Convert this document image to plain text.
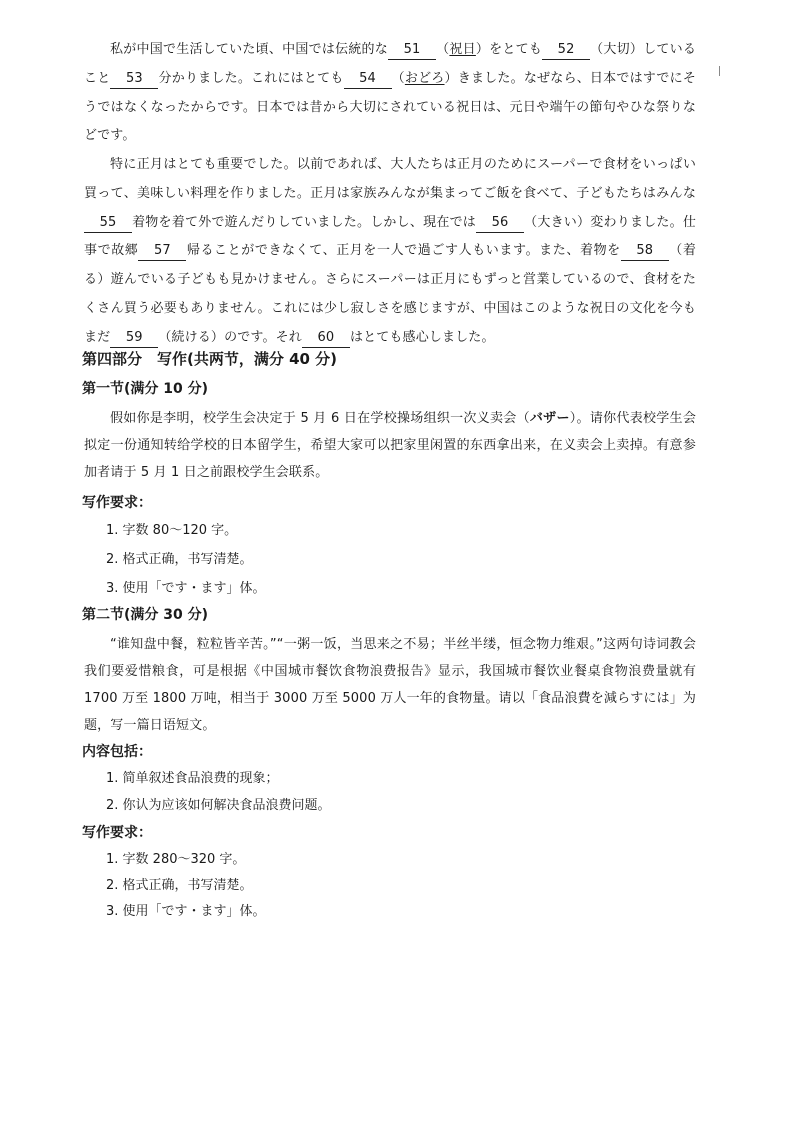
私が中国で生活していた頃、中国では伝統的な 51 （祝日）をとても 52 （大切）していること 53 分かりました。これにはとても 54 （おどろ）きました。なぜなら、日本ではすでにそうではなくなったからです。日本では昔から大切にされている祝日は、元日や端午の節句やひな祭りなどです。
特に正月はとても重要でした。以前であれば、大人たちは正月のためにスーパーで食材をいっぱい買って、美味しい料理を作りました。正月は家族みんなが集まってご飯を食べて、子どもたちはみんな55 着物を着て外で遊んだりしていました。しかし、現在では 56 （大きい）変わりました。仕事で故郷 57 帰ることができなくて、正月を一人で過ごす人もいます。また、着物を 58 （着る）遊んでいる子どもも見かけません。さらにスーパーは正月にもずっと営業しているので、食材をたくさん買う必要もありません。これには少し寂しさを感じますが、中国はこのような祝日の文化を今もまだ 59 （続ける）のです。それ 60 はとても感心しました。
第四部分　写作(共两节，满分 40 分)
第一节(满分 10 分)
假如你是李明，校学生会决定于 5 月 6 日在学校操场组织一次义卖会（バザー）。请你代表校学生会拟定一份通知转给学校的日本留学生，希望大家可以把家里闲置的东西拿出来，在义卖会上卖掉。有意参加者请于 5 月 1 日之前跟校学生会联系。
写作要求：
1. 字数 80～120 字。
2. 格式正确，书写清楚。
3. 使用「です・ます」体。
第二节(满分 30 分)
“谁知盘中餐，粒粒皆辛苦。”“一粥一饭，当思来之不易；半丝半缕，恒念物力维艰。”这两句诗词教会我们要爱惜粮食，可是根据《中国城市餐饮食物浪费报告》显示，我国城市餐饮业餐桌食物浪费量就有 1700 万至 1800 万吨，相当于 3000 万至 5000 万人一年的食物量。请以「食品浪費を減らすには」为题，写一篇日语短文。
内容包括：
1. 简单叙述食品浪费的现象；
2. 你认为应该如何解决食品浪费问题。
写作要求：
1. 字数 280～320 字。
2. 格式正确，书写清楚。
3. 使用「です・ます」体。
